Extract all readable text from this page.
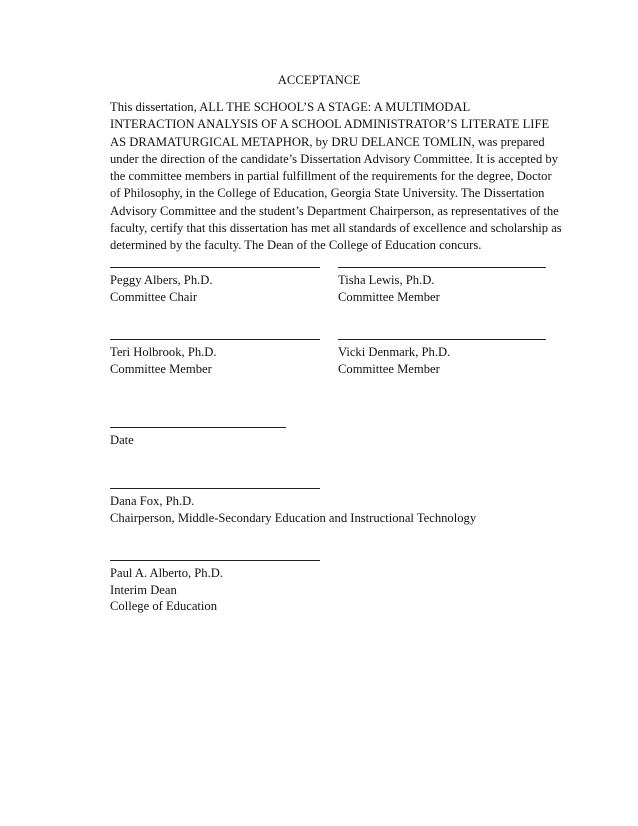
ACCEPTANCE
This dissertation, ALL THE SCHOOL’S A STAGE: A MULTIMODAL
INTERACTION ANALYSIS OF A SCHOOL ADMINISTRATOR’S LITERATE LIFE
AS DRAMATURGICAL METAPHOR, by DRU DELANCE TOMLIN, was prepared
under the direction of the candidate’s Dissertation Advisory Committee. It is accepted by
the committee members in partial fulfillment of the requirements for the degree, Doctor
of Philosophy, in the College of Education, Georgia State University. The Dissertation
Advisory Committee and the student’s Department Chairperson, as representatives of the
faculty, certify that this dissertation has met all standards of excellence and scholarship as
determined by the faculty. The Dean of the College of Education concurs.
Peggy Albers, Ph.D.
Committee Chair
Tisha Lewis, Ph.D.
Committee Member
Teri Holbrook, Ph.D.
Committee Member
Vicki Denmark, Ph.D.
Committee Member
Date
Dana Fox, Ph.D.
Chairperson, Middle-Secondary Education and Instructional Technology
Paul A. Alberto, Ph.D.
Interim Dean
College of Education
